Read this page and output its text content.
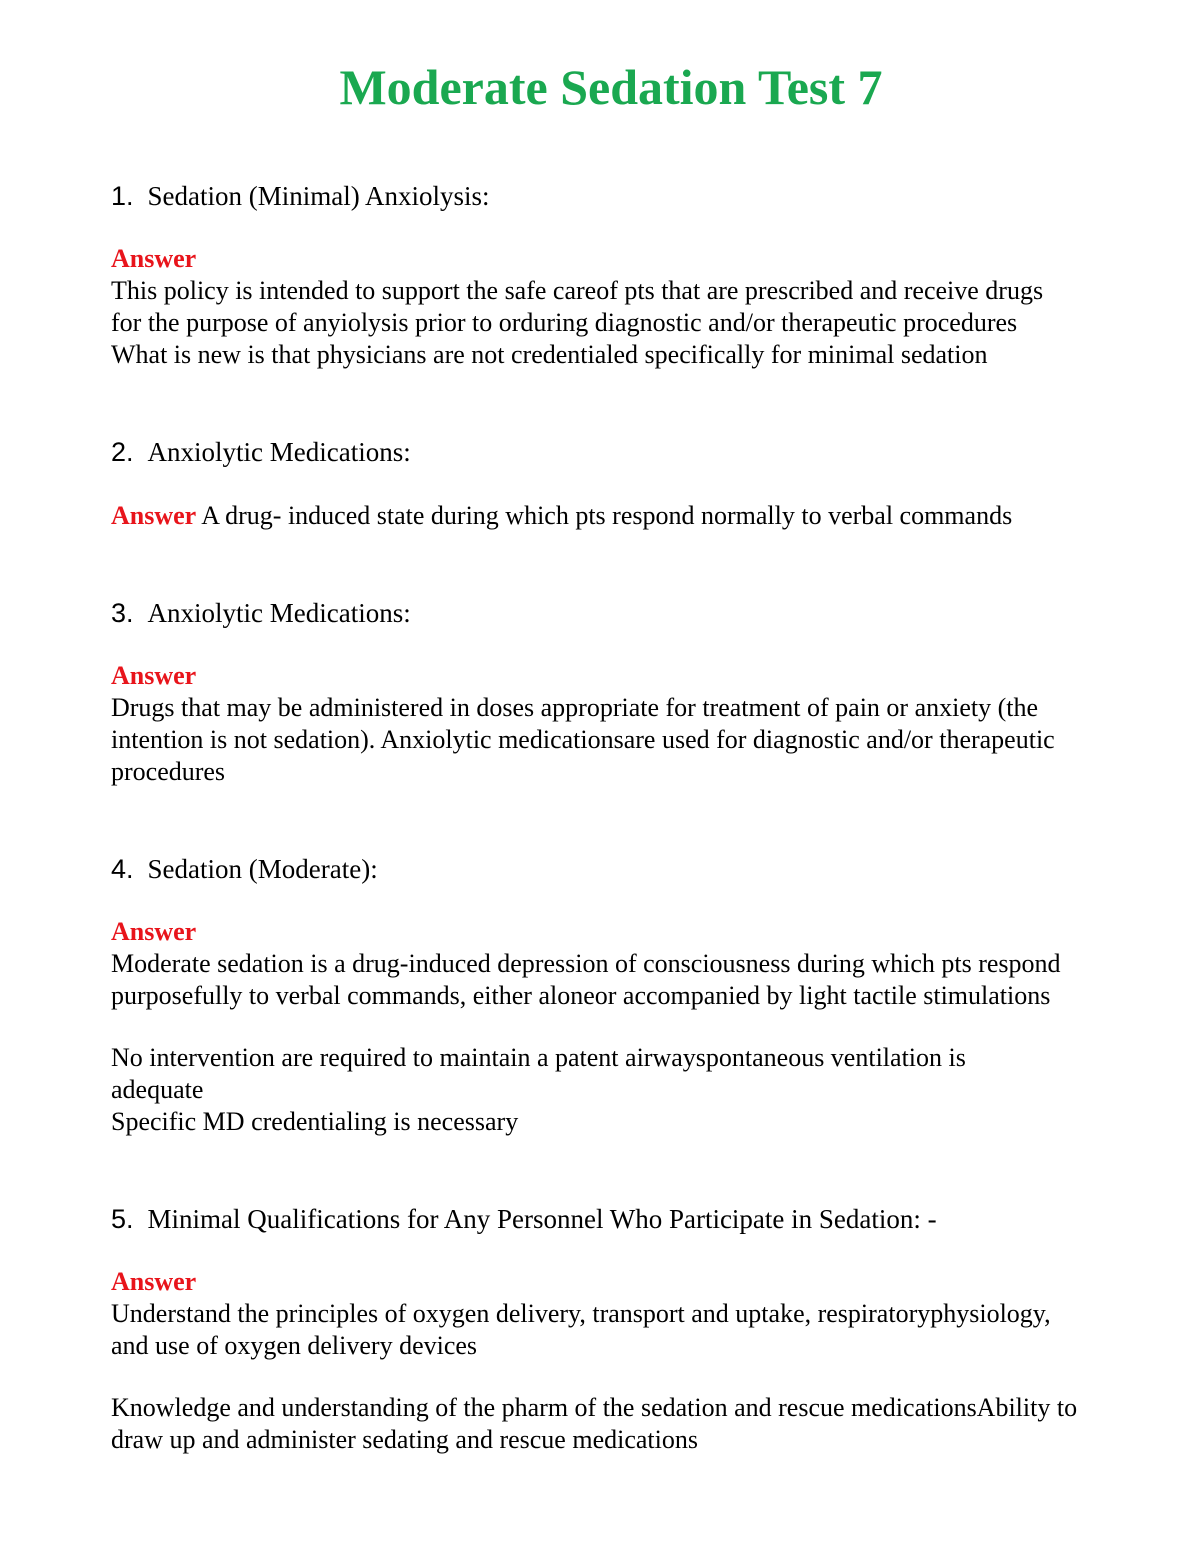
Moderate Sedation Test 7
1. Sedation (Minimal) Anxiolysis:
Answer
This policy is intended to support the safe careof pts that are prescribed and receive drugs
for the purpose of anyiolysis prior to orduring diagnostic and/or therapeutic procedures
What is new is that physicians are not credentialed specifically for minimal sedation
2. Anxiolytic Medications:
Answer A drug- induced state during which pts respond normally to verbal commands
3. Anxiolytic Medications:
Answer
Drugs that may be administered in doses appropriate for treatment of pain or anxiety (the
intention is not sedation). Anxiolytic medicationsare used for diagnostic and/or therapeutic
procedures
4. Sedation (Moderate):
Answer
Moderate sedation is a drug-induced depression of consciousness during which pts respond
purposefully to verbal commands, either aloneor accompanied by light tactile stimulations
No intervention are required to maintain a patent airwayspontaneous ventilation is
adequate
Specific MD credentialing is necessary
5. Minimal Qualifications for Any Personnel Who Participate in Sedation: -
Answer
Understand the principles of oxygen delivery, transport and uptake, respiratoryphysiology,
and use of oxygen delivery devices
Knowledge and understanding of the pharm of the sedation and rescue medicationsAbility to
draw up and administer sedating and rescue medications
